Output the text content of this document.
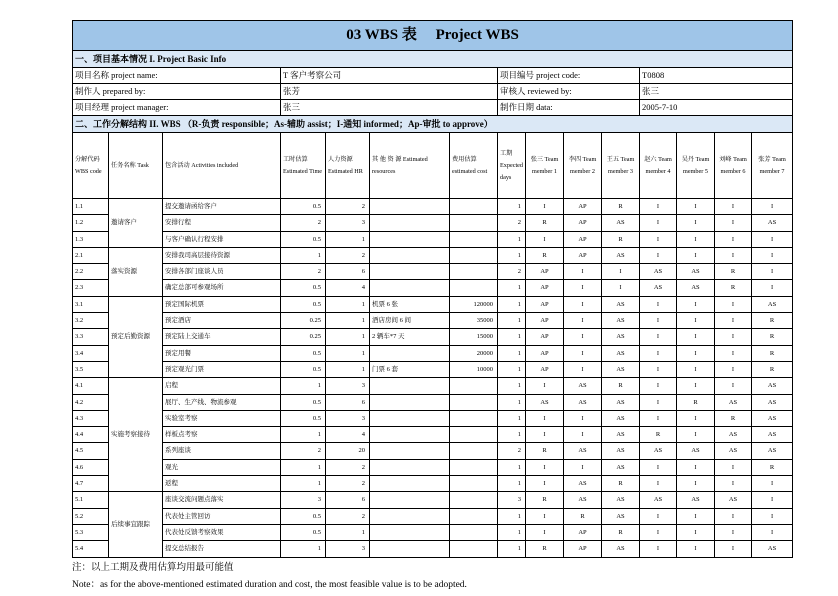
03 WBS 表　 Project WBS														
一、项目基本情况 I. Project Basic Info														
项目名称 project name:			T 客户考察公司				项目编号 project code:				T0808			
制作人 prepared by:			张芳				审核人 reviewed by:				张三			
项目经理 project manager:			张三				制作日期 data:				2005-7-10			
二、工作分解结构 II. WBS （R-负责 responsible；As-辅助 assist；I-通知 informed；Ap-审批 to approve）														
分解代码 WBS code	任务名称 Task	包含活动 Activities included	工时估算 Estimated Time	人力资源 Estimated HR	其 他 资 源 Estimated resources	费用估算 estimated cost	工期 Expected days	张三 Team member 1	李四 Team member 2	王五 Team member 3	赵六 Team member 4	吴丹 Team member 5	刘峰 Team member 6	张芳 Team member 7
1.1	邀请客户	提交邀请函给客户	0.5	2			1	I	AP	R	I	I	I	I
1.2		安排行程	2	3			2	R	AP	AS	I	I	I	AS
1.3		与客户确认行程安排	0.5	1			1	I	AP	R	I	I	I	I
2.1	落实资源	安排我司高层接待资源	1	2			1	R	AP	AS	I	I	I	I
2.2		安排各部门座谈人员	2	6			2	AP	I	I	AS	AS	R	I
2.3		确定总部可参观场所	0.5	4			1	AP	I	I	AS	AS	R	I
3.1	预定后勤资源	预定国际机票	0.5	1	机票 6 张	120000	1	AP	I	AS	I	I	I	AS
3.2		预定酒店	0.25	1	酒店房间 6 间	35000	1	AP	I	AS	I	I	I	R
3.3		预定陆上交通车	0.25	1	2 辆车*7 天	15000	1	AP	I	AS	I	I	I	R
3.4		预定用餐	0.5	1		20000	1	AP	I	AS	I	I	I	R
3.5		预定观光门票	0.5	1	门票 6 套	10000	1	AP	I	AS	I	I	I	R
4.1	实施考察接待	启程	1	3			1	I	AS	R	I	I	I	AS
4.2		展厅、生产线、物流参观	0.5	6			1	AS	AS	AS	I	R	AS	AS
4.3		实验室考察	0.5	3			1	I	I	AS	I	I	R	AS
4.4		样板点考察	1	4			1	I	I	AS	R	I	AS	AS
4.5		系列座谈	2	20			2	R	AS	AS	AS	AS	AS	AS
4.6		观光	1	2			1	I	I	AS	I	I	I	R
4.7		返程	1	2			1	I	AS	R	I	I	I	I
5.1	后续事宜跟踪	座谈交流问题点落实	3	6			3	R	AS	AS	AS	AS	AS	I
5.2		代表处主管回访	0.5	2			1	I	R	AS	I	I	I	I
5.3		代表处反馈考察效果	0.5	1			1	I	AP	R	I	I	I	I
5.4		提交总结报告	1	3			1	R	AP	AS	I	I	I	AS
注：以上工期及费用估算均用最可能值
Note：as for the above-mentioned estimated duration and cost, the most feasible value is to be adopted.
